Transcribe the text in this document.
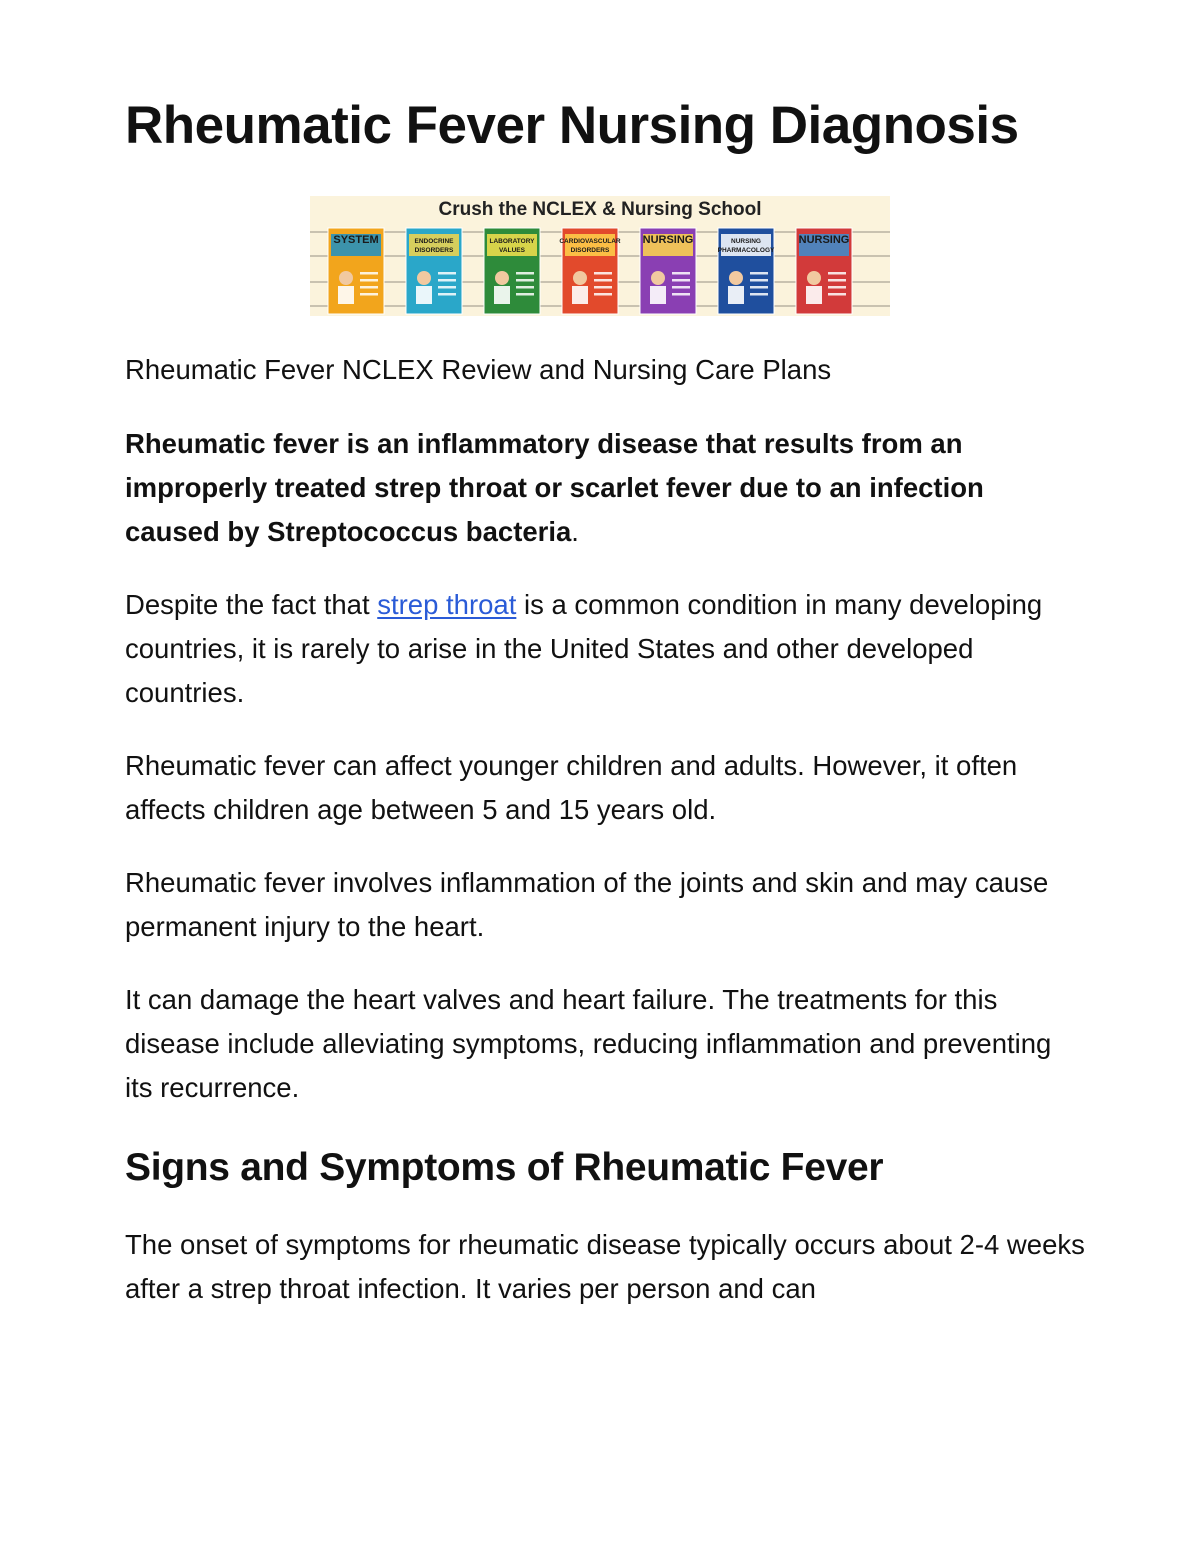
Rheumatic Fever Nursing Diagnosis
Crush the NCLEX & Nursing School
SYSTEM	ENDOCRINE
DISORDERS
LABORATORY
VALUES
CARDIOVASCULAR
DISORDERS
NURSING	NURSING
PHARMACOLOGY
NURSING

Rheumatic Fever NCLEX Review and Nursing Care Plans

Rheumatic fever is an inflammatory disease that results from an improperly treated strep throat or scarlet fever due to an infection caused by Streptococcus bacteria.

Despite the fact that strep throat is a common condition in many developing countries, it is rarely to arise in the United States and other developed countries.

Rheumatic fever can affect younger children and adults. However, it often affects children age between 5 and 15 years old.

Rheumatic fever involves inflammation of the joints and skin and may cause permanent injury to the heart.

It can damage the heart valves and heart failure. The treatments for this disease include alleviating symptoms, reducing inflammation and preventing its recurrence.

Signs and Symptoms of Rheumatic Fever

The onset of symptoms for rheumatic disease typically occurs about 2-4 weeks after a strep throat infection. It varies per person and can
